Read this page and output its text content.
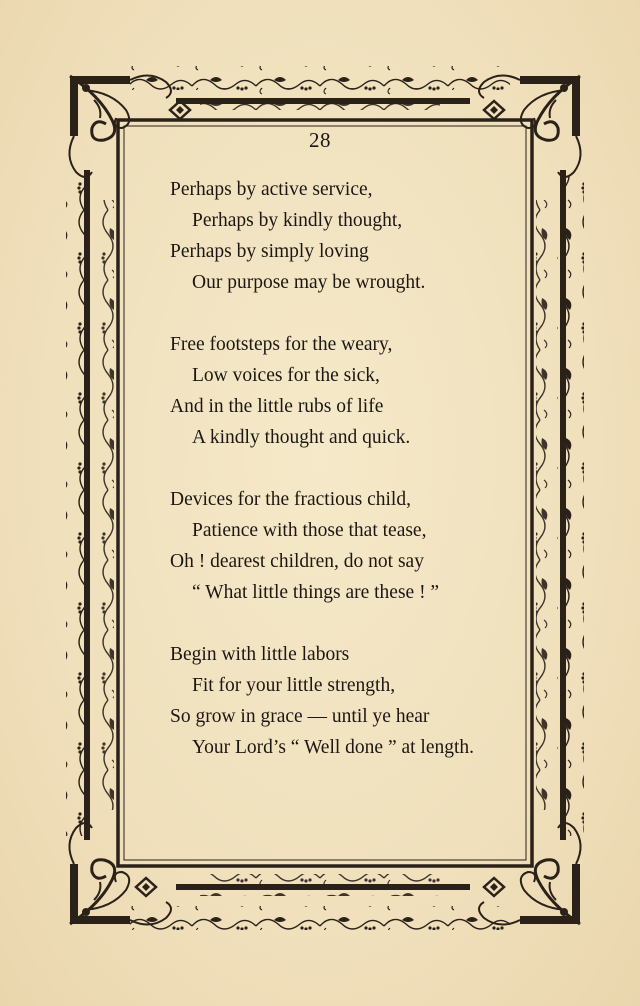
28
Perhaps by active service,
Perhaps by kindly thought,
Perhaps by simply loving
Our purpose may be wrought.
Free footsteps for the weary,
Low voices for the sick,
And in the little rubs of life
A kindly thought and quick.
Devices for the fractious child,
Patience with those that tease,
Oh ! dearest children, do not say
“ What little things are these ! ”
Begin with little labors
Fit for your little strength,
So grow in grace — until ye hear
Your Lord’s “ Well done ” at length.
